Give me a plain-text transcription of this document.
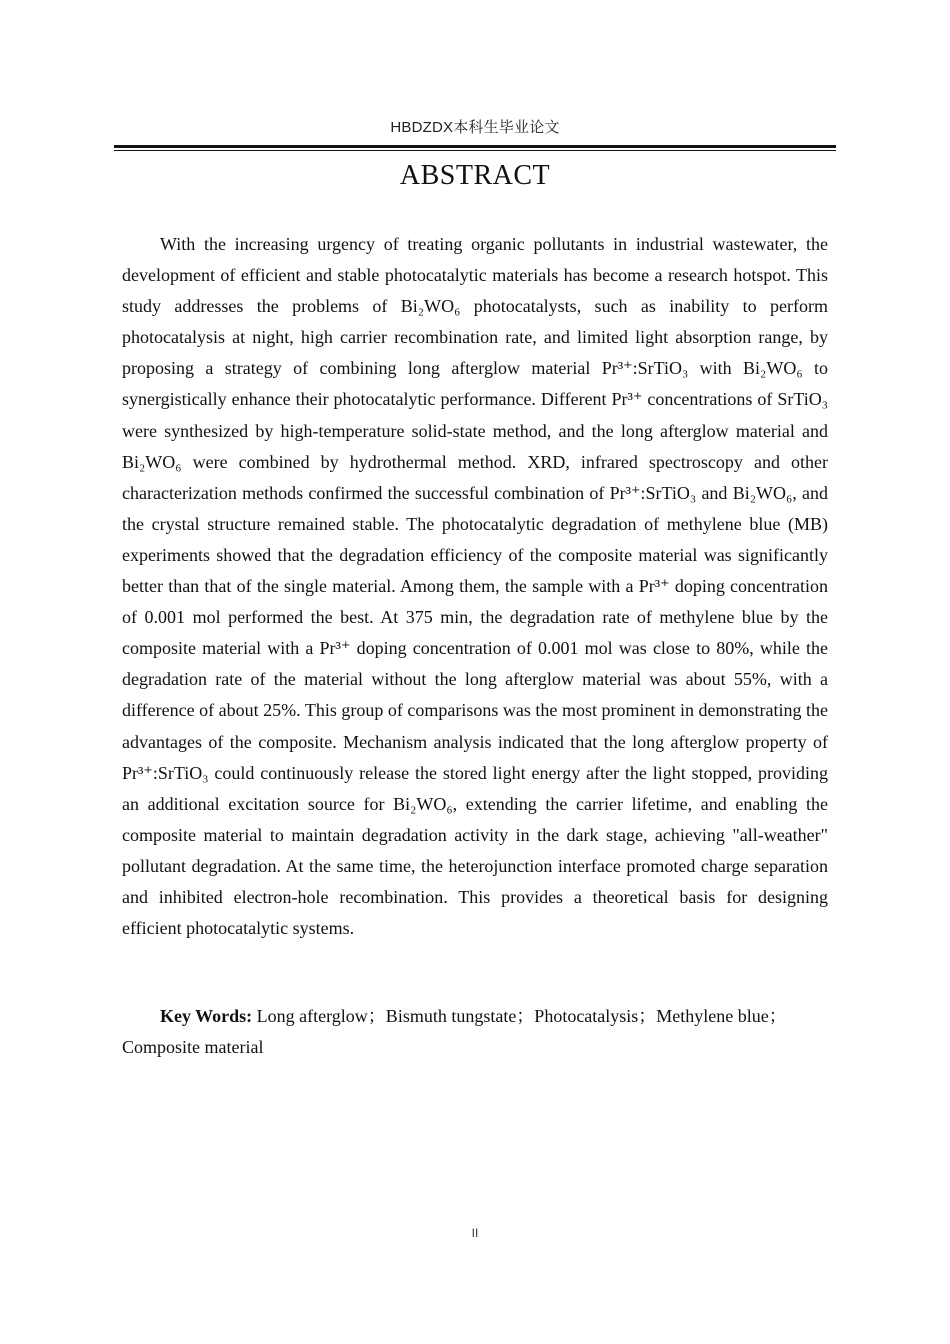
HBDZDX本科生毕业论文
ABSTRACT

With the increasing urgency of treating organic pollutants in industrial wastewater, the development of efficient and stable photocatalytic materials has become a research hotspot. This study addresses the problems of Bi₂WO₆ photocatalysts, such as inability to perform photocatalysis at night, high carrier recombination rate, and limited light absorption range, by proposing a strategy of combining long afterglow material Pr³⁺:SrTiO₃ with Bi₂WO₆ to synergistically enhance their photocatalytic performance. Different Pr³⁺ concentrations of SrTiO₃ were synthesized by high-temperature solid-state method, and the long afterglow material and Bi₂WO₆ were combined by hydrothermal method. XRD, infrared spectroscopy and other characterization methods confirmed the successful combination of Pr³⁺:SrTiO₃ and Bi₂WO₆, and the crystal structure remained stable. The photocatalytic degradation of methylene blue (MB) experiments showed that the degradation efficiency of the composite material was significantly better than that of the single material. Among them, the sample with a Pr³⁺ doping concentration of 0.001 mol performed the best. At 375 min, the degradation rate of methylene blue by the composite material with a Pr³⁺ doping concentration of 0.001 mol was close to 80%, while the degradation rate of the material without the long afterglow material was about 55%, with a difference of about 25%. This group of comparisons was the most prominent in demonstrating the advantages of the composite. Mechanism analysis indicated that the long afterglow property of Pr³⁺:SrTiO₃ could continuously release the stored light energy after the light stopped, providing an additional excitation source for Bi₂WO₆, extending the carrier lifetime, and enabling the composite material to maintain degradation activity in the dark stage, achieving "all-weather" pollutant degradation. At the same time, the heterojunction interface promoted charge separation and inhibited electron-hole recombination. This provides a theoretical basis for designing efficient photocatalytic systems.

Key Words: Long afterglow；Bismuth tungstate；Photocatalysis；Methylene blue；Composite material

II
